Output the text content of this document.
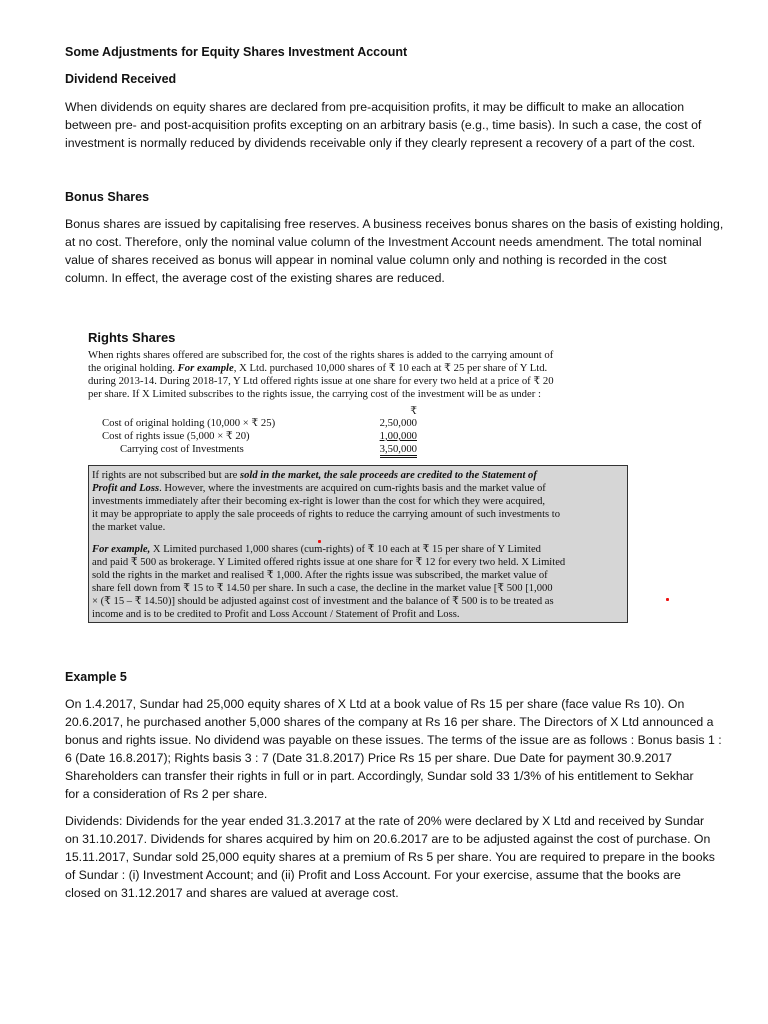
Some Adjustments for Equity Shares Investment Account
Dividend Received
When dividends on equity shares are declared from pre-acquisition profits, it may be difficult to make an allocation
between pre- and post-acquisition profits excepting on an arbitrary basis (e.g., time basis). In such a case, the cost of
investment is normally reduced by dividends receivable only if they clearly represent a recovery of a part of the cost.
Bonus Shares
Bonus shares are issued by capitalising free reserves. A business receives bonus shares on the basis of existing holding,
at no cost. Therefore, only the nominal value column of the Investment Account needs amendment. The total nominal
value of shares received as bonus will appear in nominal value column only and nothing is recorded in the cost
column. In effect, the average cost of the existing shares are reduced.
Rights Shares
When rights shares offered are subscribed for, the cost of the rights shares is added to the carrying amount of
the original holding. For example, X Ltd. purchased 10,000 shares of ₹ 10 each at ₹ 25 per share of Y Ltd.
during 2013-14. During 2018-17, Y Ltd offered rights issue at one share for every two held at a price of ₹ 20
per share. If X Limited subscribes to the rights issue, the carrying cost of the investment will be as under :
₹
Cost of original holding (10,000 × ₹ 25)	2,50,000
Cost of rights issue (5,000 × ₹ 20)	1,00,000
Carrying cost of Investments	3,50,000
If rights are not subscribed but are sold in the market, the sale proceeds are credited to the Statement of
Profit and Loss. However, where the investments are acquired on cum-rights basis and the market value of
investments immediately after their becoming ex-right is lower than the cost for which they were acquired,
it may be appropriate to apply the sale proceeds of rights to reduce the carrying amount of such investments to
the market value.
For example, X Limited purchased 1,000 shares (cum-rights) of ₹ 10 each at ₹ 15 per share of Y Limited
and paid ₹ 500 as brokerage. Y Limited offered rights issue at one share for ₹ 12 for every two held. X Limited
sold the rights in the market and realised ₹ 1,000. After the rights issue was subscribed, the market value of
share fell down from ₹ 15 to ₹ 14.50 per share. In such a case, the decline in the market value [₹ 500 [1,000
× (₹ 15 – ₹ 14.50)] should be adjusted against cost of investment and the balance of ₹ 500 is to be treated as
income and is to be credited to Profit and Loss Account / Statement of Profit and Loss.
Example 5
On 1.4.2017, Sundar had 25,000 equity shares of X Ltd at a book value of Rs 15 per share (face value Rs 10). On
20.6.2017, he purchased another 5,000 shares of the company at Rs 16 per share. The Directors of X Ltd announced a
bonus and rights issue. No dividend was payable on these issues. The terms of the issue are as follows : Bonus basis 1 :
6 (Date 16.8.2017); Rights basis 3 : 7 (Date 31.8.2017) Price Rs 15 per share. Due Date for payment 30.9.2017
Shareholders can transfer their rights in full or in part. Accordingly, Sundar sold 33 1/3% of his entitlement to Sekhar
for a consideration of Rs 2 per share.
Dividends: Dividends for the year ended 31.3.2017 at the rate of 20% were declared by X Ltd and received by Sundar
on 31.10.2017. Dividends for shares acquired by him on 20.6.2017 are to be adjusted against the cost of purchase. On
15.11.2017, Sundar sold 25,000 equity shares at a premium of Rs 5 per share. You are required to prepare in the books
of Sundar : (i) Investment Account; and (ii) Profit and Loss Account. For your exercise, assume that the books are
closed on 31.12.2017 and shares are valued at average cost.
